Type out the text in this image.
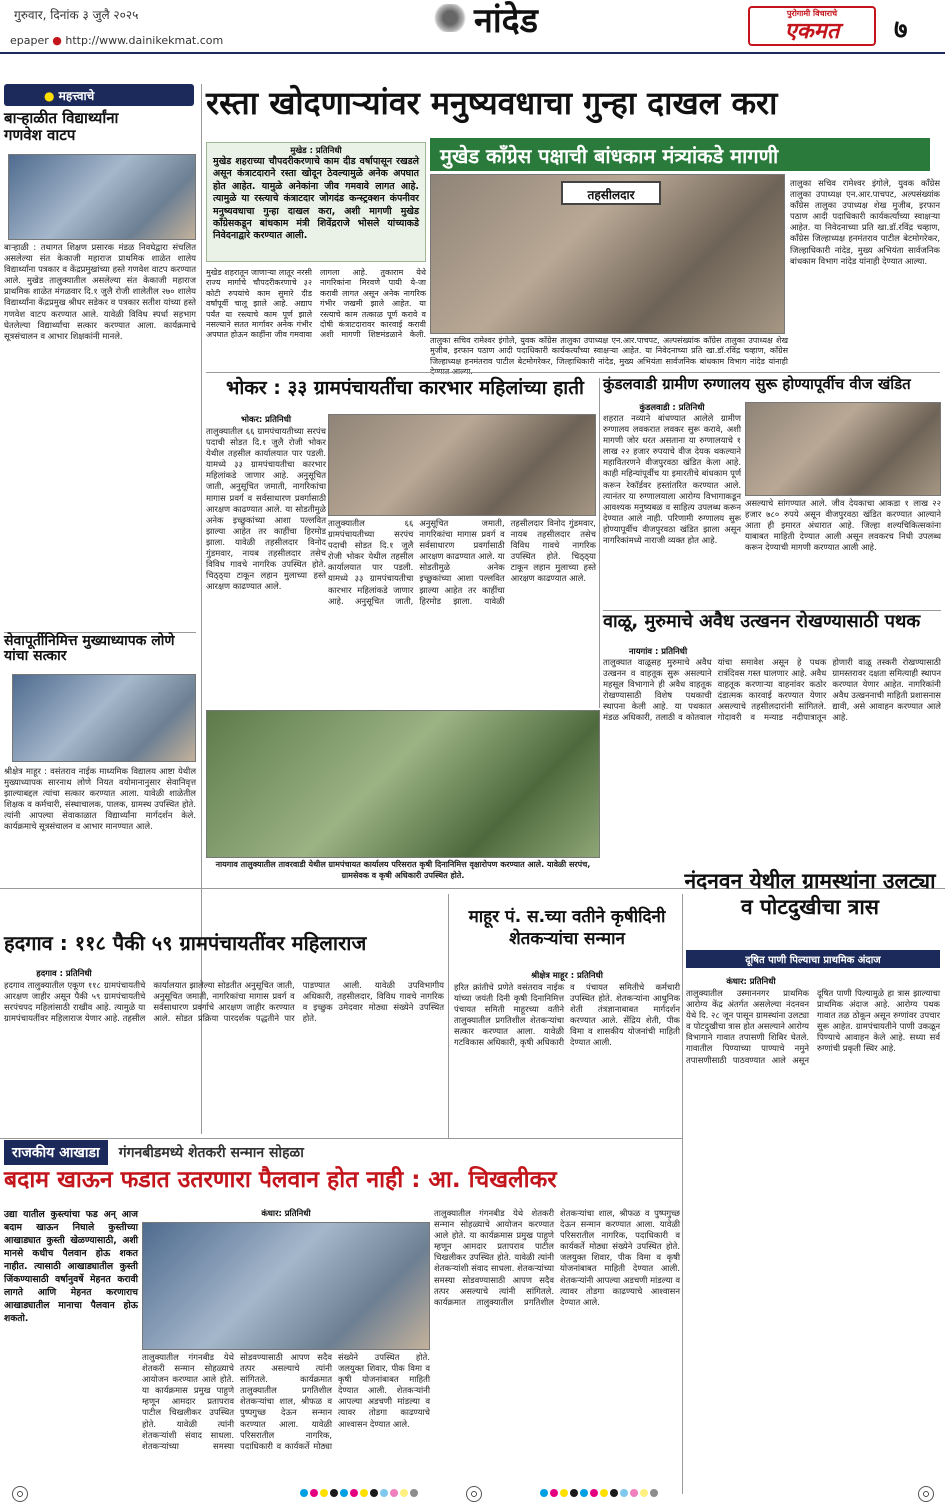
गुरुवार, दिनांक ३ जुलै २०२५	नांदेड	पुरोगामी विचाराचे
एकमत	७
epaper ● http://www.dainikekmat.com
● महत्त्वाचे
बाऱ्हाळीत विद्यार्थ्यांना गणवेश वाटप
बाऱ्हाळी : तथागत शिक्षण प्रसारक मंडळ निवघेद्वारा संचलित असलेल्या संत केकाजी महाराज प्राथमिक शाळेत शालेय विद्यार्थ्यांना पत्रकार व केंद्रप्रमुखांच्या हस्ते गणवेश वाटप करण्यात आले. मुखेड तालुक्यातील असलेल्या संत केकाजी महाराज प्राथमिक शाळेत मंगळवार दि.१ जुलै रोजी शालेतील २७० शालेय विद्यार्थ्यांना केंद्रप्रमुख श्रीधर सडेकर व पत्रकार सतीश यांच्या हस्ते गणवेश वाटप करण्यात आले. यावेळी विविध स्पर्धा सहभाग घेतलेल्या विद्यार्थ्यांचा सत्कार करण्यात आला. कार्यक्रमाचे सूत्रसंचालन व आभार शिक्षकांनी मानले.
सेवापूर्तीनिमित्त मुख्याध्यापक लोणे यांचा सत्कार
श्रीक्षेत्र माहूर : वसंतराव नाईक माध्यमिक विद्यालय आष्टा येथील मुख्याध्यापक सारनाथ लोणे नियत वयोमानानुसार सेवानिवृत्त झाल्याबद्दल त्यांचा सत्कार करण्यात आला. यावेळी शाळेतील शिक्षक व कर्मचारी, संस्थाचालक, पालक, ग्रामस्थ उपस्थित होते. त्यांनी आपल्या सेवाकाळात विद्यार्थ्यांना मार्गदर्शन केले. कार्यक्रमाचे सूत्रसंचालन व आभार मानण्यात आले.
रस्ता खोदणाऱ्यांवर मनुष्यवधाचा गुन्हा दाखल करा
मुखेड काँग्रेस पक्षाची बांधकाम मंत्र्यांकडे मागणी
मुखेड : प्रतिनिधी
मुखेड शहराच्या चौपदरीकरणाचे काम दीड वर्षापासून रखडले असून कंत्राटदाराने रस्ता खोदून ठेवल्यामुळे अनेक अपघात होत आहेत. यामुळे अनेकांना जीव गमवावे लागत आहे. त्यामुळे या रस्त्याचे कंत्राटदार जोगदंड कन्स्ट्रक्शन कंपनीवर मनुष्यवधाचा गुन्हा दाखल करा, अशी मागणी मुखेड काँग्रेसकडून बांधकाम मंत्री शिवेंद्रराजे भोसले यांच्याकडे निवेदनाद्वारे करण्यात आली.
मुखेड शहरातून जाणाऱ्या लातूर नरसी राज्य मार्गाचे चौपदरीकरणाचे ३२ कोटी रुपयांचे काम सुमारे दीड वर्षांपूर्वी चालू झाले आहे. अद्याप पर्यंत या रस्त्याचे काम पूर्ण झाले नसल्याने सतत मार्गावर अनेक गंभीर अपघात होऊन काहींना जीव गमवावा लागला आहे. तुकाराम येथे नागरिकांना मिरवणे पायी ये-जा करावी लागत असून अनेक नागरिक गंभीर जखमी झाले आहेत. या रस्त्याचे काम तत्काळ पूर्ण करावे व दोषी कंत्राटदारावर कारवाई करावी अशी मागणी शिष्टमंडळाने केली.
तहसीलदार
तालुका सचिव रामेश्वर इंगोले, युवक काँग्रेस तालुका उपाध्यक्ष एन.आर.पाचपट, अल्पसंख्यांक काँग्रेस तालुका उपाध्यक्ष शेख मुजीब, इरफान पठाण आदी पदाधिकारी कार्यकर्त्यांच्या स्वाक्षऱ्या आहेत. या निवेदनाच्या प्रति खा.डॉ.रविंद्र चव्हाण, काँग्रेस जिल्हाध्यक्ष हनमंतराव पाटील बेटमोगरेकर, जिल्हाधिकारी नांदेड, मुख्य अभियंता सार्वजनिक बांधकाम विभाग नांदेड यांनाही देण्यात आल्या.
तालुका सचिव रामेश्वर इंगोले, युवक काँग्रेस तालुका उपाध्यक्ष एन.आर.पाचपट, अल्पसंख्यांक काँग्रेस तालुका उपाध्यक्ष शेख मुजीब, इरफान पठाण आदी पदाधिकारी कार्यकर्त्यांच्या स्वाक्षऱ्या आहेत. या निवेदनाच्या प्रति खा.डॉ.रविंद्र चव्हाण, काँग्रेस जिल्हाध्यक्ष हनमंतराव पाटील बेटमोगरेकर, जिल्हाधिकारी नांदेड, मुख्य अभियंता सार्वजनिक बांधकाम विभाग नांदेड यांनाही
भोकर : ३३ ग्रामपंचायतींचा कारभार महिलांच्या हाती
भोकर: प्रतिनिधी
तालुक्यातील ६६ ग्रामपंचायतीच्या सरपंच पदाची सोडत दि.१ जुलै रोजी भोकर येथील तहसील कार्यालयात पार पडली. यामध्ये ३३ ग्रामपंचायतीचा कारभार महिलांकडे जाणार आहे. अनुसूचित जाती, अनुसूचित जमाती, नागरिकांचा मागास प्रवर्ग व सर्वसाधारण प्रवर्गासाठी आरक्षण काढण्यात आले. या सोडतीमुळे अनेक इच्छुकांच्या आशा पल्लवित झाल्या आहेत तर काहींचा हिरमोड झाला. यावेळी तहसीलदार विनोद गुंडमवार, नायब तहसीलदार तसेच विविध गावचे नागरिक उपस्थित होते. चिठ्ठ्या टाकून लहान मुलाच्या हस्ते आरक्षण काढण्यात आले.
तालुक्यातील ६६ ग्रामपंचायतीच्या सरपंच पदाची सोडत दि.१ जुलै रोजी भोकर येथील तहसील कार्यालयात पार पडली. यामध्ये ३३ ग्रामपंचायतीचा कारभार महिलांकडे जाणार आहे. अनुसूचित जाती, अनुसूचित जमाती, नागरिकांचा मागास प्रवर्ग व सर्वसाधारण प्रवर्गासाठी आरक्षण काढण्यात आले. या सोडतीमुळे अनेक इच्छुकांच्या आशा पल्लवित झाल्या आहेत तर काहींचा हिरमोड झाला. यावेळी तहसीलदार विनोद गुंडमवार, नायब तहसीलदार तसेच विविध गावचे नागरिक उपस्थित होते. चिठ्ठ्या टाकून लहान मुलाच्या हस्ते आरक्षण काढण्यात आले.
कुंडलवाडी ग्रामीण रुग्णालय सुरू होण्यापूर्वीच वीज खंडित
कुंडलवाडी : प्रतिनिधी
शहरात नव्याने बांधण्यात आलेले ग्रामीण रुग्णालय लवकरात लवकर सुरू करावे, अशी मागणी जोर धरत असताना या रुग्णालयाचे १ लाख २२ हजार रुपयाचे वीज देयक थकल्याने महावितरणने वीजपुरवठा खंडित केला आहे. काही महिन्यांपूर्वीच या इमारतीचे बांधकाम पूर्ण करून रेकॉर्डवर हस्तांतरित करण्यात आले. त्यानंतर या रुग्णालयाला आरोग्य विभागाकडून आवश्यक मनुष्यबळ व साहित्य उपलब्ध करून देण्यात आले नाही. परिणामी रुग्णालय सुरू होण्यापूर्वीच वीजपुरवठा खंडित झाला असून नागरिकांमध्ये नाराजी व्यक्त होत आहे.
असल्याचे सांगण्यात आले. जीव देयकाचा आकडा १ लाख २२ हजार ७८० रुपये असून वीजपुरवठा खंडित करण्यात आल्याने आता ही इमारत अंधारात आहे. जिल्हा शल्यचिकित्सकांना याबाबत माहिती देण्यात आली असून लवकरच निधी उपलब्ध करून देण्याची मागणी करण्यात आली आहे.
वाळू, मुरुमाचे अवैध उत्खनन रोखण्यासाठी पथक
नायगांव : प्रतिनिधी
तालुक्यात वाळूसह मुरुमाचे अवैध उत्खनन व वाहतूक सुरू असल्याने महसूल विभागाने ही अवैध वाहतूक रोखण्यासाठी विशेष पथकाची स्थापना केली आहे. या पथकात मंडळ अधिकारी, तलाठी व कोतवाल यांचा समावेश असून हे पथक रात्रंदिवस गस्त घालणार आहे. अवैध वाहतूक करणाऱ्या वाहनांवर कठोर दंडात्मक कारवाई करण्यात येणार असल्याचे तहसीलदारांनी सांगितले. गोदावरी व मन्याड नदीपात्रातून होणारी वाळू तस्करी रोखण्यासाठी ग्रामस्तरावर दक्षता समित्याही स्थापन करण्यात येणार आहेत. नागरिकांनी अवैध उत्खननाची माहिती प्रशासनास द्यावी, असे आवाहन करण्यात आले आहे.
नायगाव तालुक्यातील तावरवाडी येथील ग्रामपंचायत कार्यालय परिसरात कृषी दिनानिमित्त वृक्षारोपण करण्यात आले. यावेळी सरपंच, ग्रामसेवक व कृषी अधिकारी उपस्थित होते.	नंदनवन येथील ग्रामस्थांना उलट्या व पोटदुखीचा त्रास
दूषित पाणी पिल्याचा प्राथमिक अंदाज
कंधार: प्रतिनिधी
तालुक्यातील उस्माननगर प्राथमिक आरोग्य केंद्र अंतर्गत असलेल्या नंदनवन येथे दि. २८ जून पासून ग्रामस्थांना उलट्या व पोटदुखीचा त्रास होत असल्याने आरोग्य विभागाने गावात तपासणी शिबिर घेतले. गावातील पिण्याच्या पाण्याचे नमुने तपासणीसाठी पाठवण्यात आले असून दूषित पाणी पिल्यामुळे हा त्रास झाल्याचा प्राथमिक अंदाज आहे. आरोग्य पथक गावात तळ ठोकून असून रुग्णांवर उपचार सुरू आहेत. ग्रामपंचायतीने पाणी उकळून पिण्याचे आवाहन केले आहे. सध्या सर्व रुग्णांची प्रकृती स्थिर आहे.
हदगाव : ११८ पैकी ५९ ग्रामपंचायतींवर महिलाराज
हदगाव : प्रतिनिधी
हदगाव तालुक्यातील एकूण ११८ ग्रामपंचायतीचे आरक्षण जाहीर असून पैकी ५९ ग्रामपंचायतीचे सरपंचपद महिलांसाठी राखीव आहे. त्यामुळे या ग्रामपंचायतींवर महिलाराज येणार आहे. तहसील कार्यालयात झालेल्या सोडतीत अनुसूचित जाती, अनुसूचित जमाती, नागरिकांचा मागास प्रवर्ग व सर्वसाधारण प्रवर्गाचे आरक्षण जाहीर करण्यात आले. सोडत प्रक्रिया पारदर्शक पद्धतीने पार पाडण्यात आली. यावेळी उपविभागीय अधिकारी, तहसीलदार, विविध गावचे नागरिक व इच्छुक उमेदवार मोठ्या संख्येने उपस्थित होते.
माहूर पं. स.च्या वतीने कृषीदिनी शेतकऱ्यांचा सन्मान
श्रीक्षेत्र माहूर : प्रतिनिधी
हरित क्रांतीचे प्रणेते वसंतराव नाईक यांच्या जयंती दिनी कृषी दिनानिमित्त पंचायत समिती माहूरच्या वतीने तालुक्यातील प्रगतिशील शेतकऱ्यांचा सत्कार करण्यात आला. यावेळी गटविकास अधिकारी, कृषी अधिकारी व पंचायत समितीचे कर्मचारी उपस्थित होते. शेतकऱ्यांना आधुनिक शेती तंत्रज्ञानाबाबत मार्गदर्शन करण्यात आले. सेंद्रिय शेती, पीक विमा व शासकीय योजनांची माहिती देण्यात आली.
राजकीय आखाडा गंगनबीडमध्ये शेतकरी सन्मान सोहळा
बदाम खाऊन फडात उतरणारा पैलवान होत नाही : आ. चिखलीकर
उद्या यातील कुस्त्यांचा फड अन् आज बदाम खाऊन निघाले कुस्तीच्या आखाड्यात कुस्ती खेळण्यासाठी, अशी मानसे कधीच पैलवान होऊ शकत नाहीत. त्यासाठी आखाड्यातील कुस्ती जिंकण्यासाठी वर्षानुवर्षे मेहनत करावी लागते आणि मेहनत करणाराच आखाड्यातील मानाचा पैलवान होऊ शकतो.
कंधार: प्रतिनिधी
तालुक्यातील गंगनबीड येथे शेतकरी सन्मान सोहळ्याचे आयोजन करण्यात आले होते. या कार्यक्रमास प्रमुख पाहुणे म्हणून आमदार प्रतापराव पाटील चिखलीकर उपस्थित होते. यावेळी त्यांनी शेतकऱ्यांशी संवाद साधला. शेतकऱ्यांच्या समस्या सोडवण्यासाठी आपण सदैव तत्पर असल्याचे त्यांनी सांगितले. कार्यक्रमात तालुक्यातील प्रगतिशील शेतकऱ्यांचा शाल, श्रीफळ व पुष्पगुच्छ देऊन सन्मान करण्यात आला. यावेळी परिसरातील नागरिक, पदाधिकारी व कार्यकर्ते मोठ्या संख्येने उपस्थित होते. जलयुक्त शिवार, पीक विमा व कृषी योजनांबाबत माहिती देण्यात आली. शेतकऱ्यांनी आपल्या अडचणी मांडल्या व त्यावर तोडगा काढण्याचे आश्वासन देण्यात आले.
तालुक्यातील गंगनबीड येथे शेतकरी सन्मान सोहळ्याचे आयोजन करण्यात आले होते. या कार्यक्रमास प्रमुख पाहुणे म्हणून आमदार प्रतापराव पाटील चिखलीकर उपस्थित होते. यावेळी त्यांनी शेतकऱ्यांशी संवाद साधला. शेतकऱ्यांच्या समस्या सोडवण्यासाठी आपण सदैव तत्पर असल्याचे त्यांनी सांगितले. कार्यक्रमात तालुक्यातील प्रगतिशील शेतकऱ्यांचा शाल, श्रीफळ व पुष्पगुच्छ देऊन सन्मान करण्यात आला. यावेळी परिसरातील नागरिक, पदाधिकारी व कार्यकर्ते मोठ्या संख्येने उपस्थित होते. जलयुक्त शिवार, पीक विमा व कृषी योजनांबाबत माहिती देण्यात आली. शेतकऱ्यांनी आपल्या अडचणी मांडल्या व त्यावर तोडगा काढण्याचे आश्वासन देण्यात आले.
